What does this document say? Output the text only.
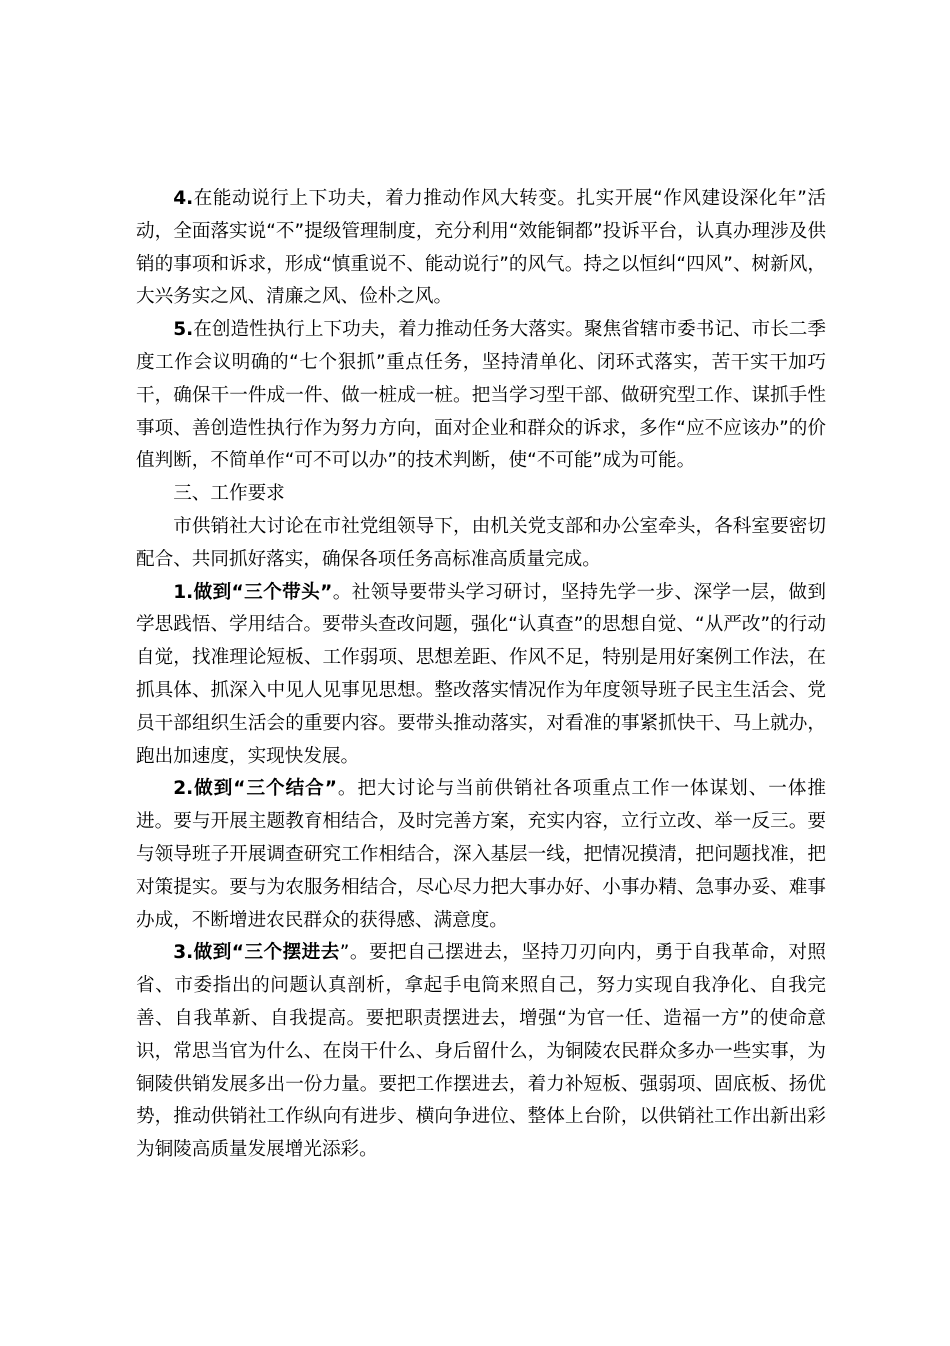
4.在能动说行上下功夫，着力推动作风大转变。扎实开展“作风建设深化年”活动，全面落实说“不”提级管理制度，充分利用“效能铜都”投诉平台，认真办理涉及供销的事项和诉求，形成“慎重说不、能动说行”的风气。持之以恒纠“四风”、树新风，大兴务实之风、清廉之风、俭朴之风。

5.在创造性执行上下功夫，着力推动任务大落实。聚焦省辖市委书记、市长二季度工作会议明确的“七个狠抓”重点任务，坚持清单化、闭环式落实，苦干实干加巧干，确保干一件成一件、做一桩成一桩。把当学习型干部、做研究型工作、谋抓手性事项、善创造性执行作为努力方向，面对企业和群众的诉求，多作“应不应该办”的价值判断，不简单作“可不可以办”的技术判断，使“不可能”成为可能。

三、工作要求

市供销社大讨论在市社党组领导下，由机关党支部和办公室牵头，各科室要密切配合、共同抓好落实，确保各项任务高标准高质量完成。

1.做到“三个带头”。社领导要带头学习研讨，坚持先学一步、深学一层，做到学思践悟、学用结合。要带头查改问题，强化“认真查”的思想自觉、“从严改”的行动自觉，找准理论短板、工作弱项、思想差距、作风不足，特别是用好案例工作法，在抓具体、抓深入中见人见事见思想。整改落实情况作为年度领导班子民主生活会、党员干部组织生活会的重要内容。要带头推动落实，对看准的事紧抓快干、马上就办，跑出加速度，实现快发展。

2.做到“三个结合”。把大讨论与当前供销社各项重点工作一体谋划、一体推进。要与开展主题教育相结合，及时完善方案，充实内容，立行立改、举一反三。要与领导班子开展调查研究工作相结合，深入基层一线，把情况摸清，把问题找准，把对策提实。要与为农服务相结合，尽心尽力把大事办好、小事办精、急事办妥、难事办成，不断增进农民群众的获得感、满意度。

3.做到“三个摆进去”。要把自己摆进去，坚持刀刃向内，勇于自我革命，对照省、市委指出的问题认真剖析，拿起手电筒来照自己，努力实现自我净化、自我完善、自我革新、自我提高。要把职责摆进去，增强“为官一任、造福一方”的使命意识，常思当官为什么、在岗干什么、身后留什么，为铜陵农民群众多办一些实事，为铜陵供销发展多出一份力量。要把工作摆进去，着力补短板、强弱项、固底板、扬优势，推动供销社工作纵向有进步、横向争进位、整体上台阶，以供销社工作出新出彩为铜陵高质量发展增光添彩。
